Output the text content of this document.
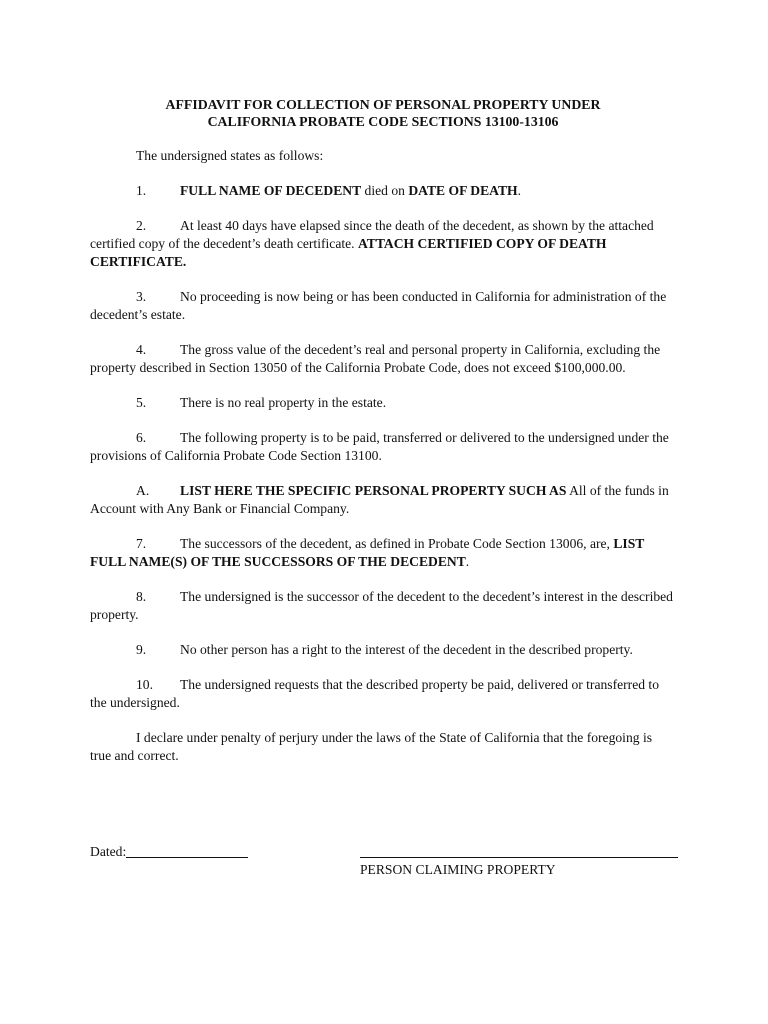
AFFIDAVIT FOR COLLECTION OF PERSONAL PROPERTY UNDER
CALIFORNIA PROBATE CODE SECTIONS 13100-13106

The undersigned states as follows:

1. FULL NAME OF DECEDENT died on DATE OF DEATH.

2. At least 40 days have elapsed since the death of the decedent, as shown by the attached certified copy of the decedent’s death certificate. ATTACH CERTIFIED COPY OF DEATH CERTIFICATE.

3. No proceeding is now being or has been conducted in California for administration of the decedent’s estate.

4. The gross value of the decedent’s real and personal property in California, excluding the property described in Section 13050 of the California Probate Code, does not exceed $100,000.00.

5. There is no real property in the estate.

6. The following property is to be paid, transferred or delivered to the undersigned under the provisions of California Probate Code Section 13100.

A. LIST HERE THE SPECIFIC PERSONAL PROPERTY SUCH AS All of the funds in Account with Any Bank or Financial Company.

7. The successors of the decedent, as defined in Probate Code Section 13006, are, LIST FULL NAME(S) OF THE SUCCESSORS OF THE DECEDENT.

8. The undersigned is the successor of the decedent to the decedent’s interest in the described property.

9. No other person has a right to the interest of the decedent in the described property.

10. The undersigned requests that the described property be paid, delivered or transferred to the undersigned.

I declare under penalty of perjury under the laws of the State of California that the foregoing is true and correct.

Dated:
PERSON CLAIMING PROPERTY
